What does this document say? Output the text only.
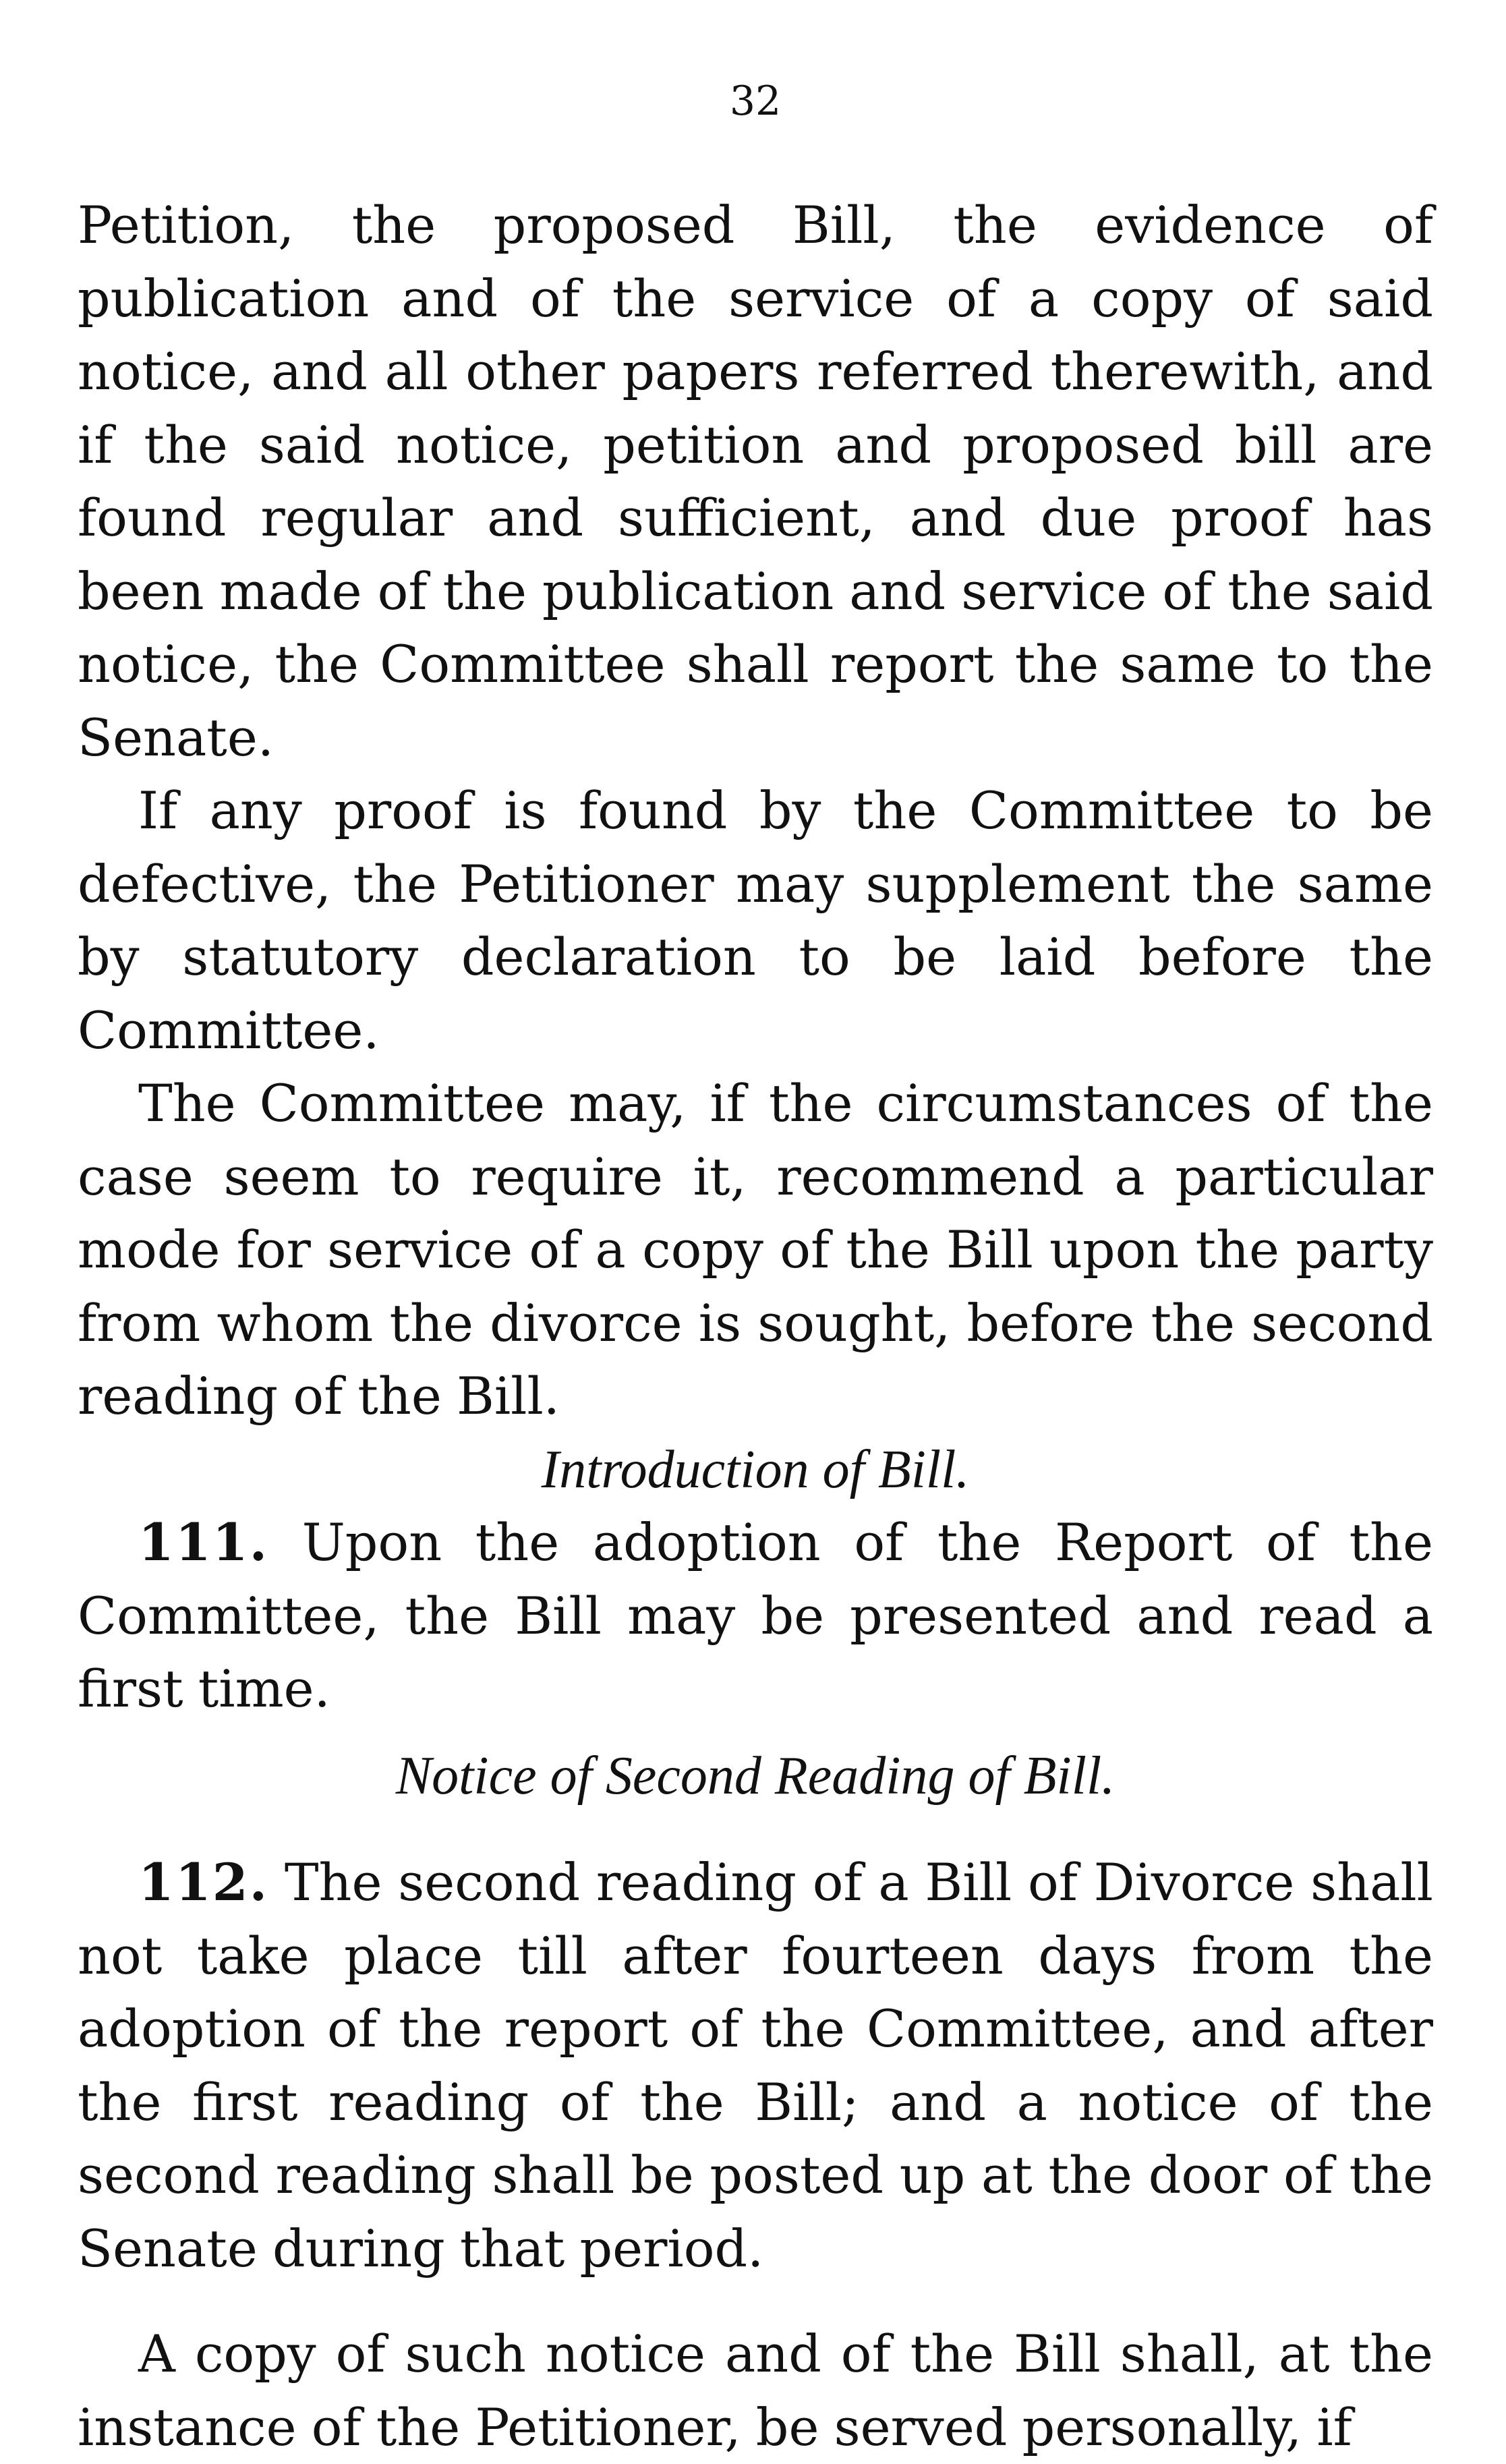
32

Petition, the proposed Bill, the evidence of publication and of the service of a copy of said notice, and all other papers referred therewith, and if the said notice, petition and proposed bill are found regular and sufficient, and due proof has been made of the publication and service of the said notice, the Committee shall report the same to the Senate.

If any proof is found by the Committee to be defective, the Petitioner may supplement the same by statutory declaration to be laid before the Committee.

The Committee may, if the circumstances of the case seem to require it, recommend a particular mode for service of a copy of the Bill upon the party from whom the divorce is sought, before the second reading of the Bill.

Introduction of Bill.

111. Upon the adoption of the Report of the Committee, the Bill may be presented and read a first time.

Notice of Second Reading of Bill.

112. The second reading of a Bill of Divorce shall not take place till after fourteen days from the adoption of the report of the Committee, and after the first reading of the Bill; and a notice of the second reading shall be posted up at the door of the Senate during that period.

A copy of such notice and of the Bill shall, at the instance of the Petitioner, be served personally, if
